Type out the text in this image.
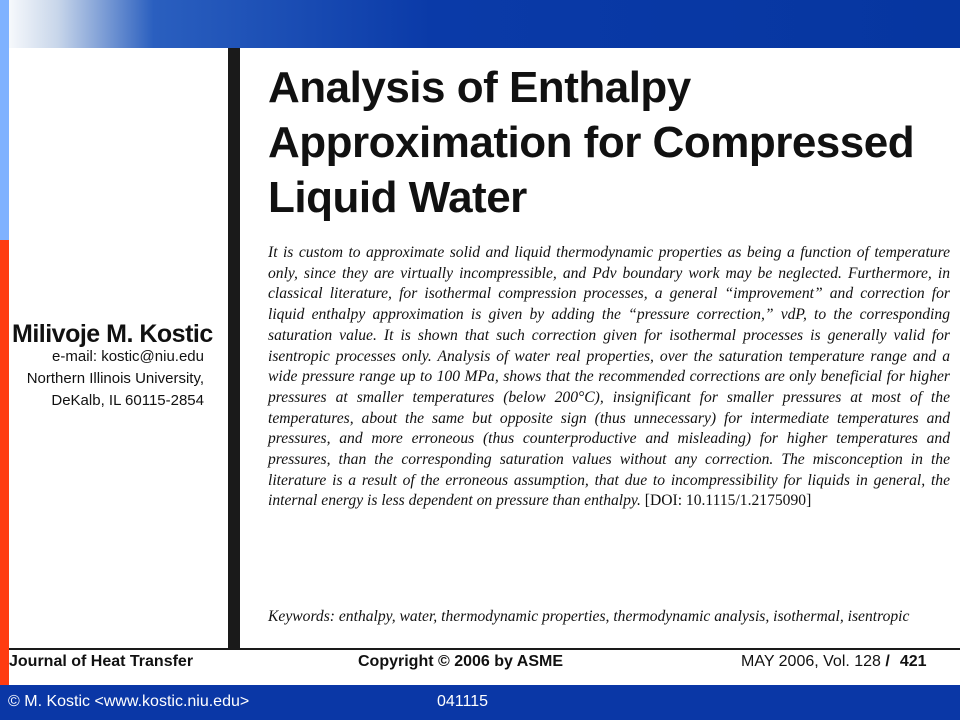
Milivoje M. Kostic
e-mail: kostic@niu.edu
Northern Illinois University,
DeKalb, IL 60115-2854
Analysis of Enthalpy
Approximation for Compressed
Liquid Water
It is custom to approximate solid and liquid thermodynamic properties as being a function of temperature only, since they are virtually incompressible, and Pdv boundary work may be neglected. Furthermore, in classical literature, for isothermal compression processes, a general “improvement” and correction for liquid enthalpy approximation is given by adding the “pressure correction,” vdP, to the corresponding saturation value. It is shown that such correction given for isothermal processes is generally valid for isentropic processes only. Analysis of water real properties, over the saturation temperature range and a wide pressure range up to 100 MPa, shows that the recommended corrections are only beneficial for higher pressures at smaller temperatures (below 200°C), insignificant for smaller pressures at most of the temperatures, about the same but opposite sign (thus unnecessary) for intermediate temperatures and pressures, and more erroneous (thus counterproductive and misleading) for higher temperatures and pressures, than the corresponding saturation values without any correction. The misconception in the literature is a result of the erroneous assumption, that due to incompressibility for liquids in general, the internal energy is less dependent on pressure than enthalpy. [DOI: 10.1115/1.2175090]
Keywords: enthalpy, water, thermodynamic properties, thermodynamic analysis, isothermal, isentropic
Journal of Heat Transfer	Copyright © 2006 by ASME	MAY 2006, Vol. 128 / 421
© M. Kostic <www.kostic.niu.edu>	041115
